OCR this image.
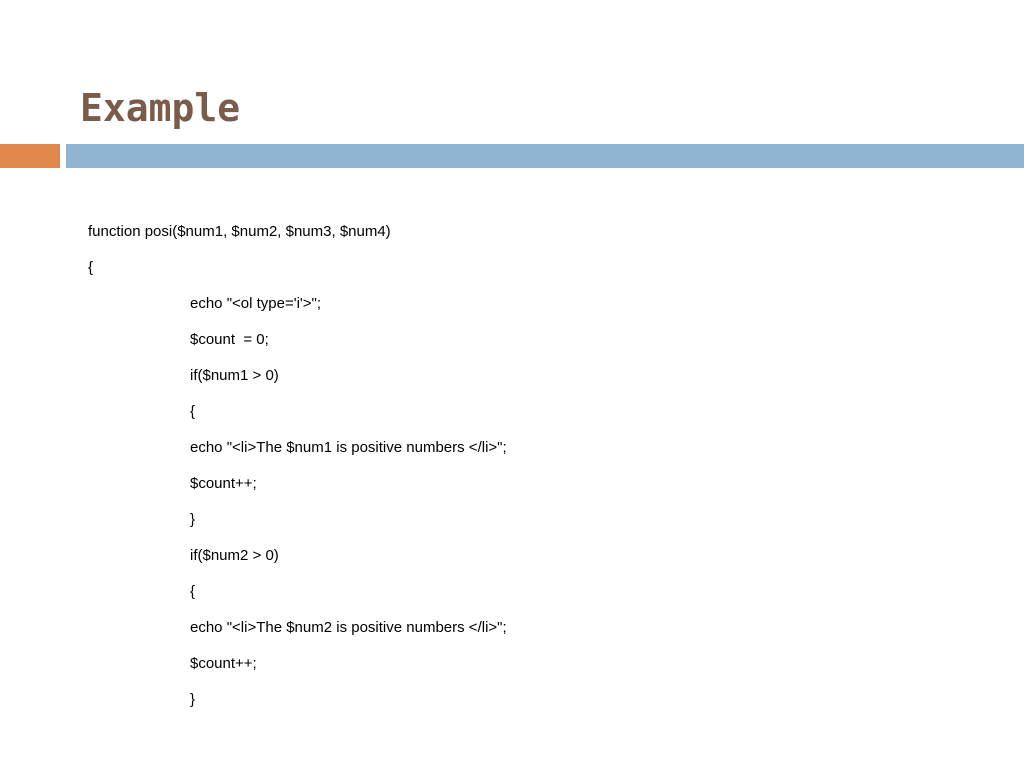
Example
function posi($num1, $num2, $num3, $num4)
{
echo "<ol type='i'>";
$count  = 0;
if($num1 > 0)
{
echo "<li>The $num1 is positive numbers </li>";
$count++;
}
if($num2 > 0)
{
echo "<li>The $num2 is positive numbers </li>";
$count++;
}
